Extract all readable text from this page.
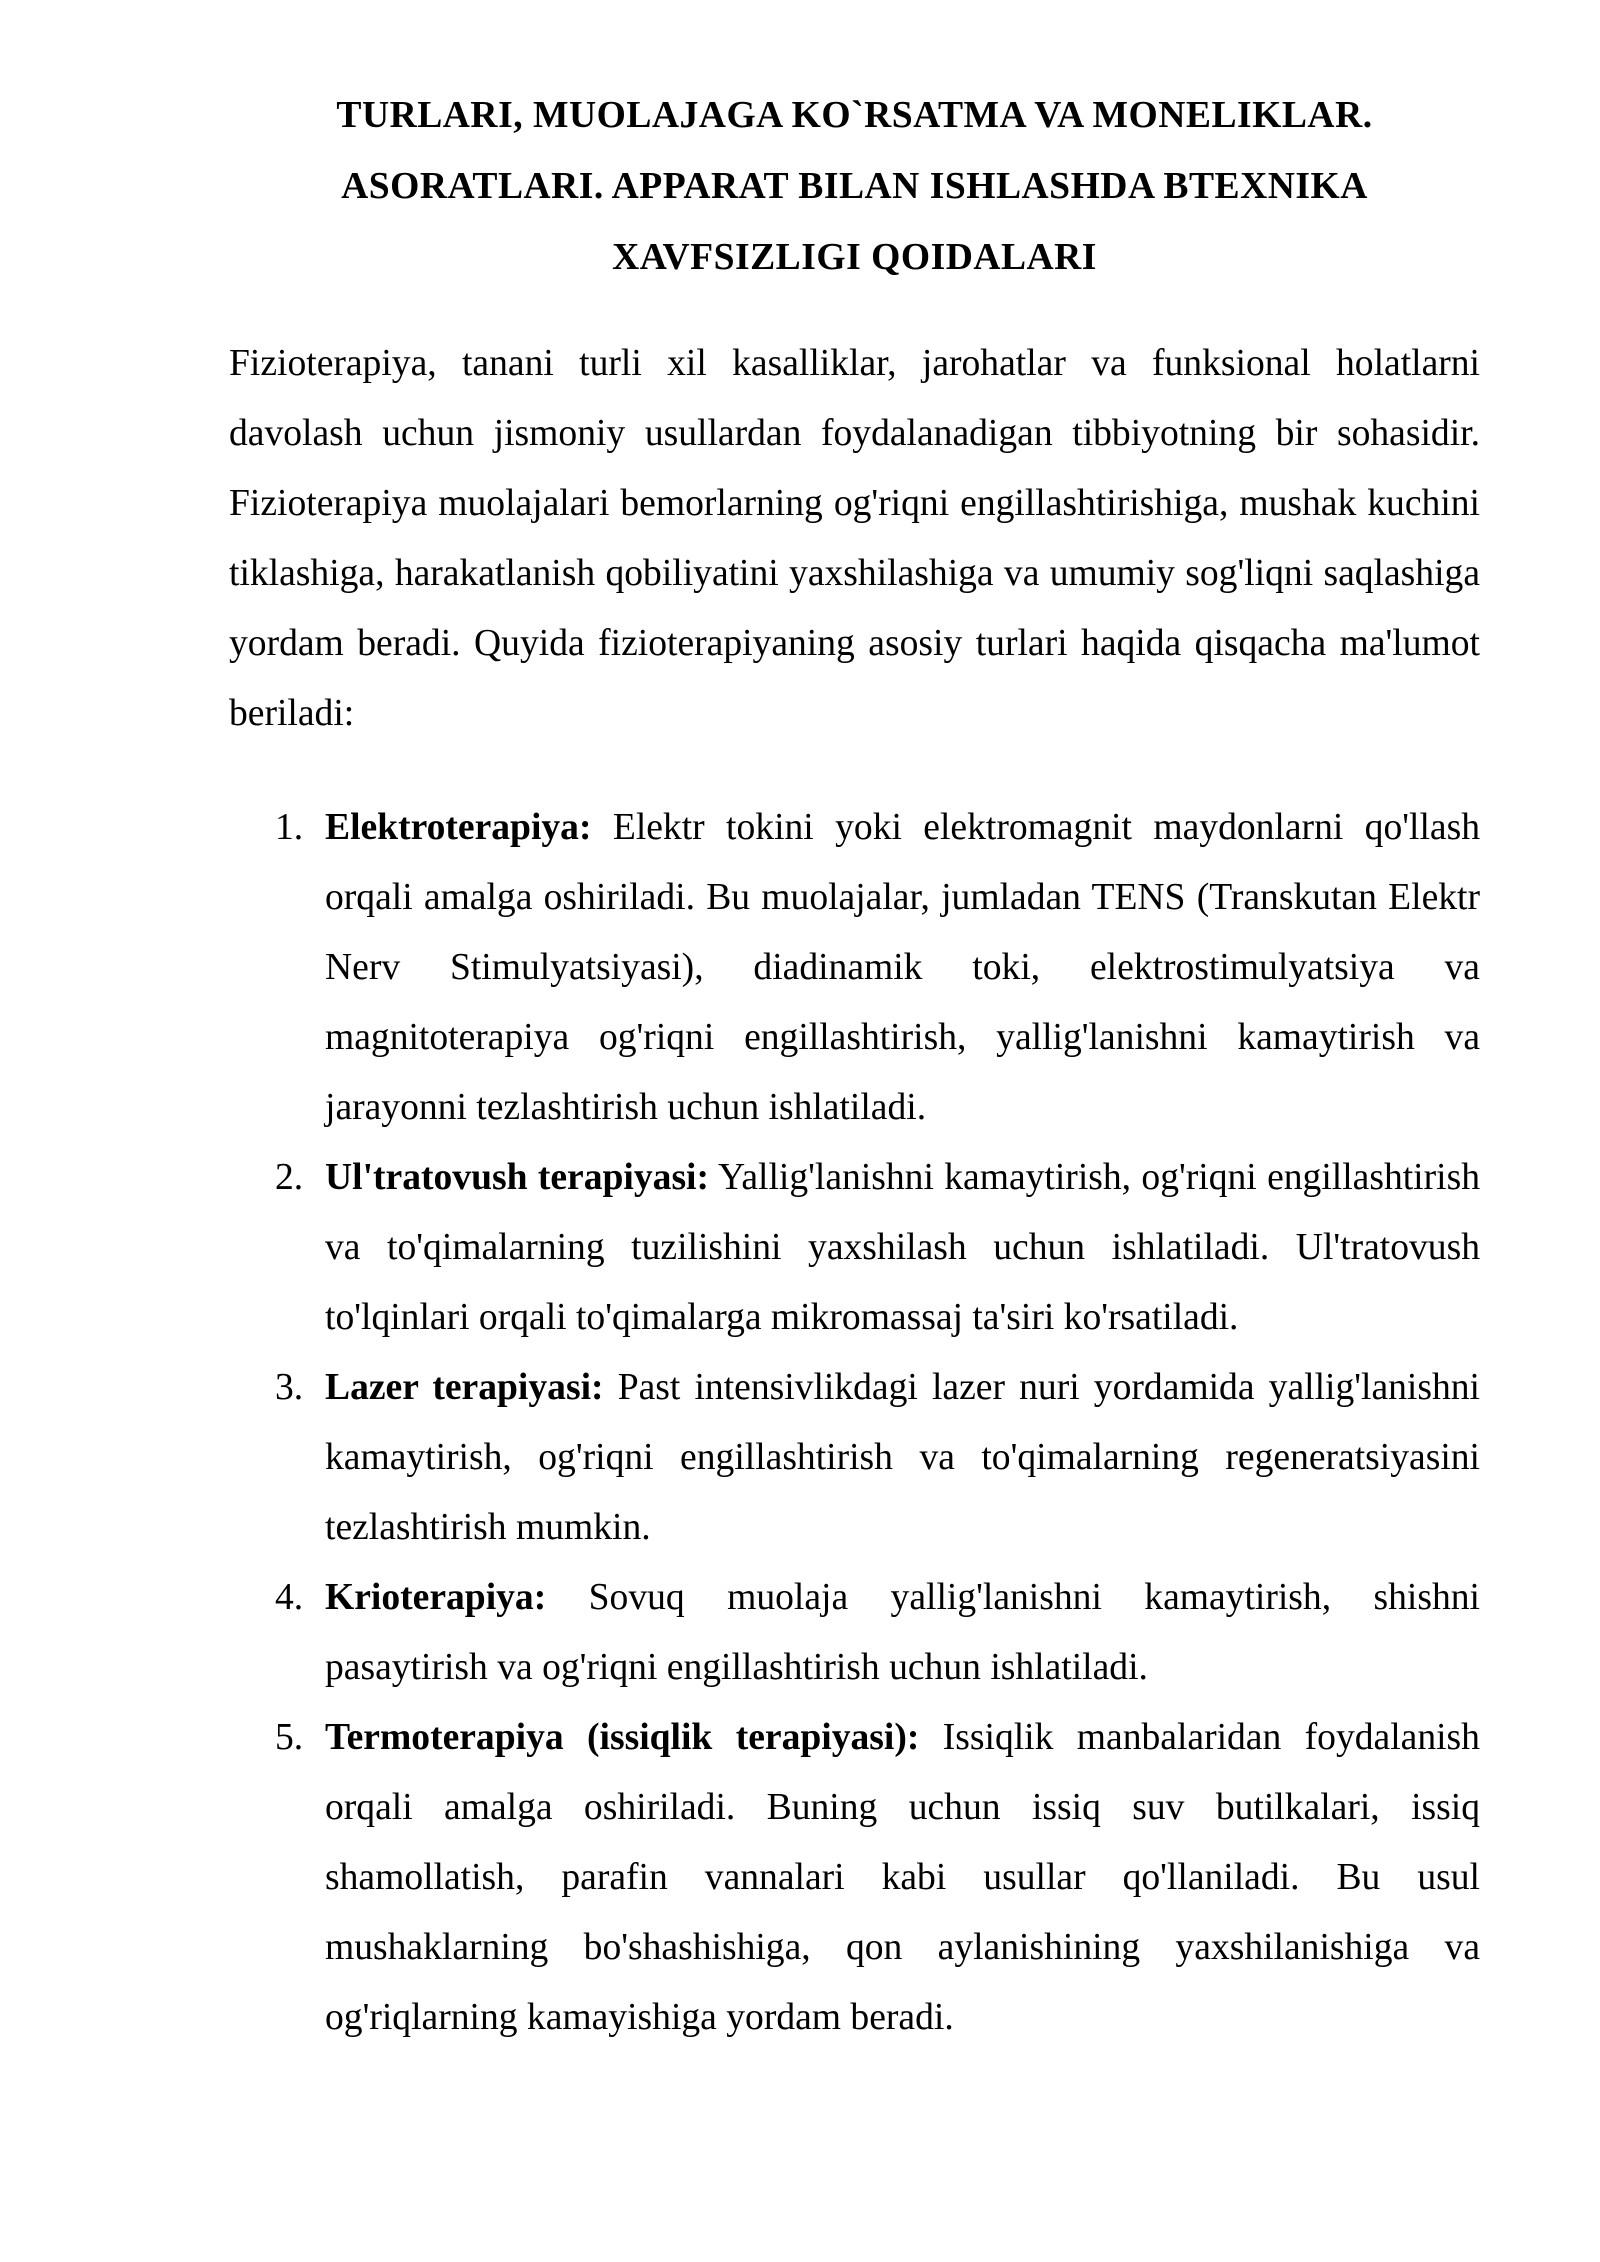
TURLARI, MUOLAJAGA KO`RSATMA VA MONELIKLAR.
ASORATLARI. APPARAT BILAN ISHLASHDA BTEXNIKA
XAVFSIZLIGI QOIDALARI

Fizioterapiya, tanani turli xil kasalliklar, jarohatlar va funksional holatlarni davolash uchun jismoniy usullardan foydalanadigan tibbiyotning bir sohasidir. Fizioterapiya muolajalari bemorlarning og'riqni engillashtirishiga, mushak kuchini tiklashiga, harakatlanish qobiliyatini yaxshilashiga va umumiy sog'liqni saqlashiga yordam beradi. Quyida fizioterapiyaning asosiy turlari haqida qisqacha ma'lumot beriladi:

1. Elektroterapiya: Elektr tokini yoki elektromagnit maydonlarni qo'llash orqali amalga oshiriladi. Bu muolajalar, jumladan TENS (Transkutan Elektr Nerv Stimulyatsiyasi), diadinamik toki, elektrostimulyatsiya va magnitoterapiya og'riqni engillashtirish, yallig'lanishni kamaytirish va jarayonni tezlashtirish uchun ishlatiladi.
2. Ul'tratovush terapiyasi: Yallig'lanishni kamaytirish, og'riqni engillashtirish va to'qimalarning tuzilishini yaxshilash uchun ishlatiladi. Ul'tratovush to'lqinlari orqali to'qimalarga mikromassaj ta'siri ko'rsatiladi.
3. Lazer terapiyasi: Past intensivlikdagi lazer nuri yordamida yallig'lanishni kamaytirish, og'riqni engillashtirish va to'qimalarning regeneratsiyasini tezlashtirish mumkin.
4. Krioterapiya: Sovuq muolaja yallig'lanishni kamaytirish, shishni pasaytirish va og'riqni engillashtirish uchun ishlatiladi.
5. Termoterapiya (issiqlik terapiyasi): Issiqlik manbalaridan foydalanish orqali amalga oshiriladi. Buning uchun issiq suv butilkalari, issiq shamollatish, parafin vannalari kabi usullar qo'llaniladi. Bu usul mushaklarning bo'shashishiga, qon aylanishining yaxshilanishiga va og'riqlarning kamayishiga yordam beradi.
